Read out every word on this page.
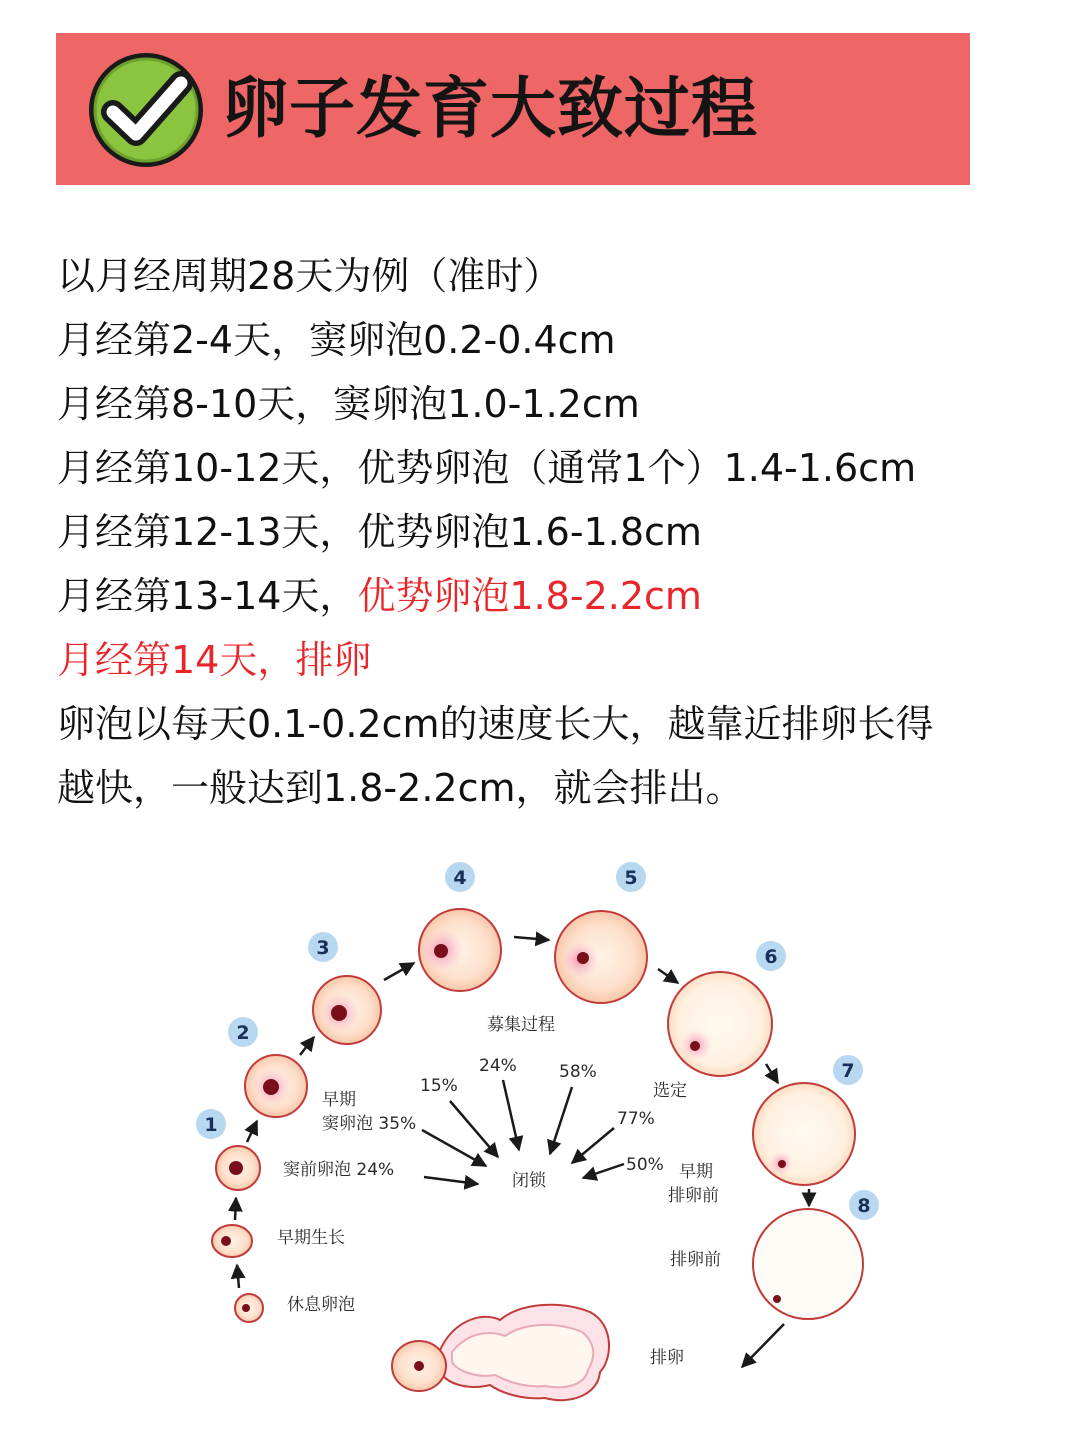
卵子发育大致过程
以月经周期28天为例（准时）
月经第2-4天，窦卵泡0.2-0.4cm
月经第8-10天，窦卵泡1.0-1.2cm
月经第10-12天，优势卵泡（通常1个）1.4-1.6cm
月经第12-13天，优势卵泡1.6-1.8cm
月经第13-14天，优势卵泡1.8-2.2cm
月经第14天，排卵
卵泡以每天0.1-0.2cm的速度长大，越靠近排卵长得
越快，一般达到1.8-2.2cm，就会排出。
1
2
3
4	5
6
7
8
休息卵泡
早期生长
窦前卵泡 24%
早期
窦卵泡 35%
募集过程
选定
早期
排卵前
排卵前
排卵
闭锁
15%
24% 58%
77%
50%
